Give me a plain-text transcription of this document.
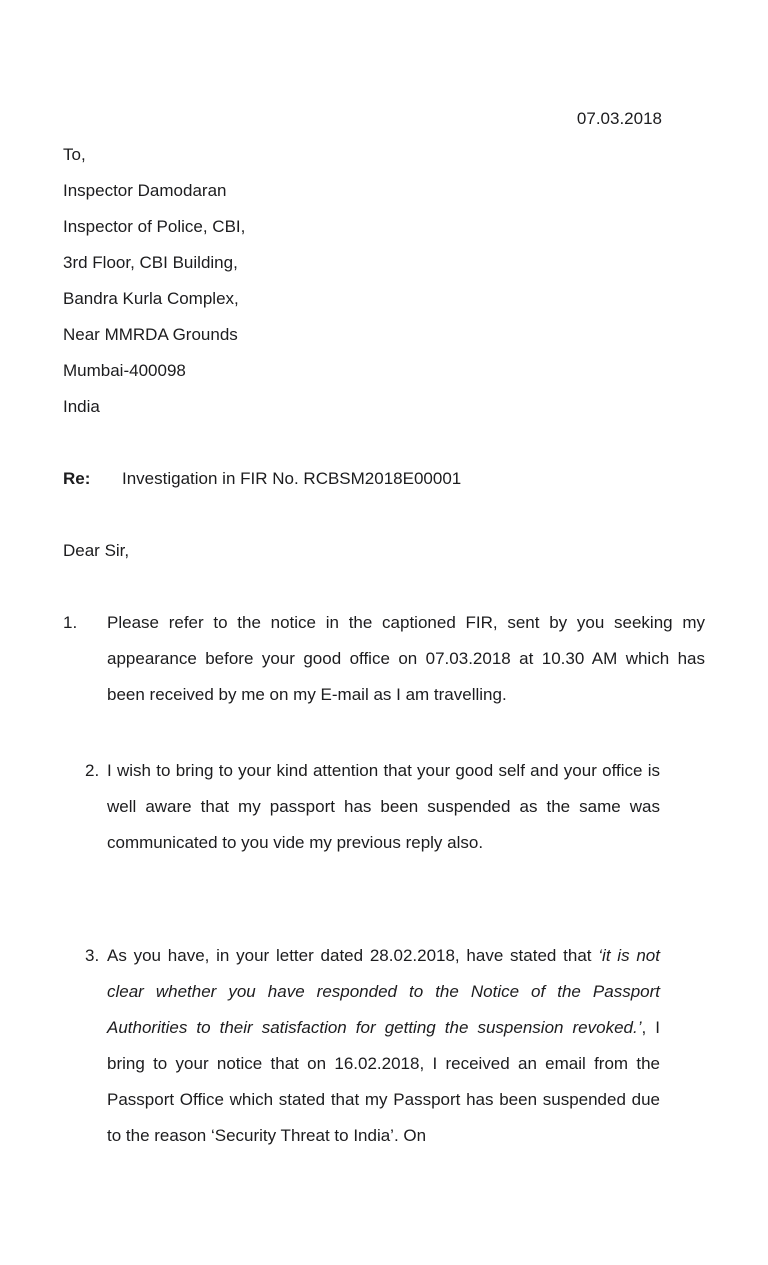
07.03.2018
To,
Inspector Damodaran
Inspector of Police, CBI,
3rd Floor, CBI Building,
Bandra Kurla Complex,
Near MMRDA Grounds
Mumbai-400098
India
Re: Investigation in FIR No. RCBSM2018E00001
Dear Sir,
1.	Please refer to the notice in the captioned FIR, sent by you seeking my appearance before your good office on 07.03.2018 at 10.30 AM which has been received by me on my E-mail as I am travelling.
2. I wish to bring to your kind attention that your good self and your office is well aware that my passport has been suspended as the same was communicated to you vide my previous reply also.
3. As you have, in your letter dated 28.02.2018, have stated that ‘it is not clear whether you have responded to the Notice of the Passport Authorities to their satisfaction for getting the suspension revoked.’, I bring to your notice that on 16.02.2018, I received an email from the Passport Office which stated that my Passport has been suspended due to the reason ‘Security Threat to India’. On
